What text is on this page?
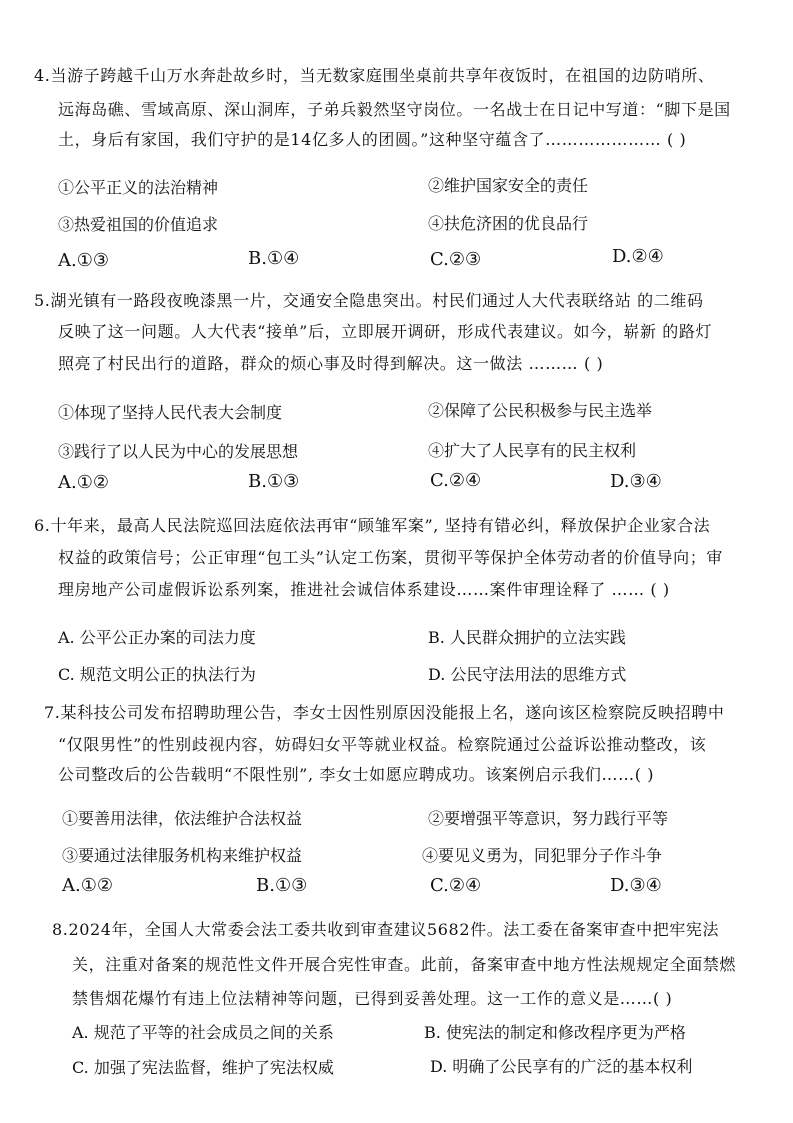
4.当游子跨越千山万水奔赴故乡时，当无数家庭围坐桌前共享年夜饭时，在祖国的边防哨所、
远海岛礁、雪域高原、深山洞库，子弟兵毅然坚守岗位。一名战士在日记中写道：“脚下是国
土，身后有家国，我们守护的是14亿多人的团圆。”这种坚守蕴含了………………… ( )
①公平正义的法治精神	②维护国家安全的责任
③热爱祖国的价值追求	④扶危济困的优良品行
A.①③	B.①④	C.②③	D.②④
5.湖光镇有一路段夜晚漆黑一片，交通安全隐患突出。村民们通过人大代表联络站 的二维码
反映了这一问题。人大代表“接单”后，立即展开调研，形成代表建议。如今，崭新 的路灯
照亮了村民出行的道路，群众的烦心事及时得到解决。这一做法 ……… ( )
①体现了坚持人民代表大会制度	②保障了公民积极参与民主选举
③践行了以人民为中心的发展思想	④扩大了人民享有的民主权利
A.①②	B.①③	C.②④	D.③④
6.十年来，最高人民法院巡回法庭依法再审“顾雏军案”, 坚持有错必纠，释放保护企业家合法
权益的政策信号；公正审理“包工头”认定工伤案，贯彻平等保护全体劳动者的价值导向；审
理房地产公司虚假诉讼系列案，推进社会诚信体系建设……案件审理诠释了 …… ( )
A. 公平公正办案的司法力度	B. 人民群众拥护的立法实践
C. 规范文明公正的执法行为	D. 公民守法用法的思维方式
7.某科技公司发布招聘助理公告，李女士因性别原因没能报上名，遂向该区检察院反映招聘中
“仅限男性”的性别歧视内容，妨碍妇女平等就业权益。检察院通过公益诉讼推动整改，该
公司整改后的公告载明“不限性别”, 李女士如愿应聘成功。该案例启示我们……( )
①要善用法律，依法维护合法权益	②要增强平等意识，努力践行平等
③要通过法律服务机构来维护权益	④要见义勇为，同犯罪分子作斗争
A.①②	B.①③	C.②④	D.③④
8.2024年，全国人大常委会法工委共收到审查建议5682件。法工委在备案审查中把牢宪法
关，注重对备案的规范性文件开展合宪性审查。此前，备案审查中地方性法规规定全面禁燃
禁售烟花爆竹有违上位法精神等问题，已得到妥善处理。这一工作的意义是……( )
A. 规范了平等的社会成员之间的关系	B. 使宪法的制定和修改程序更为严格
C. 加强了宪法监督，维护了宪法权威	D. 明确了公民享有的广泛的基本权利
